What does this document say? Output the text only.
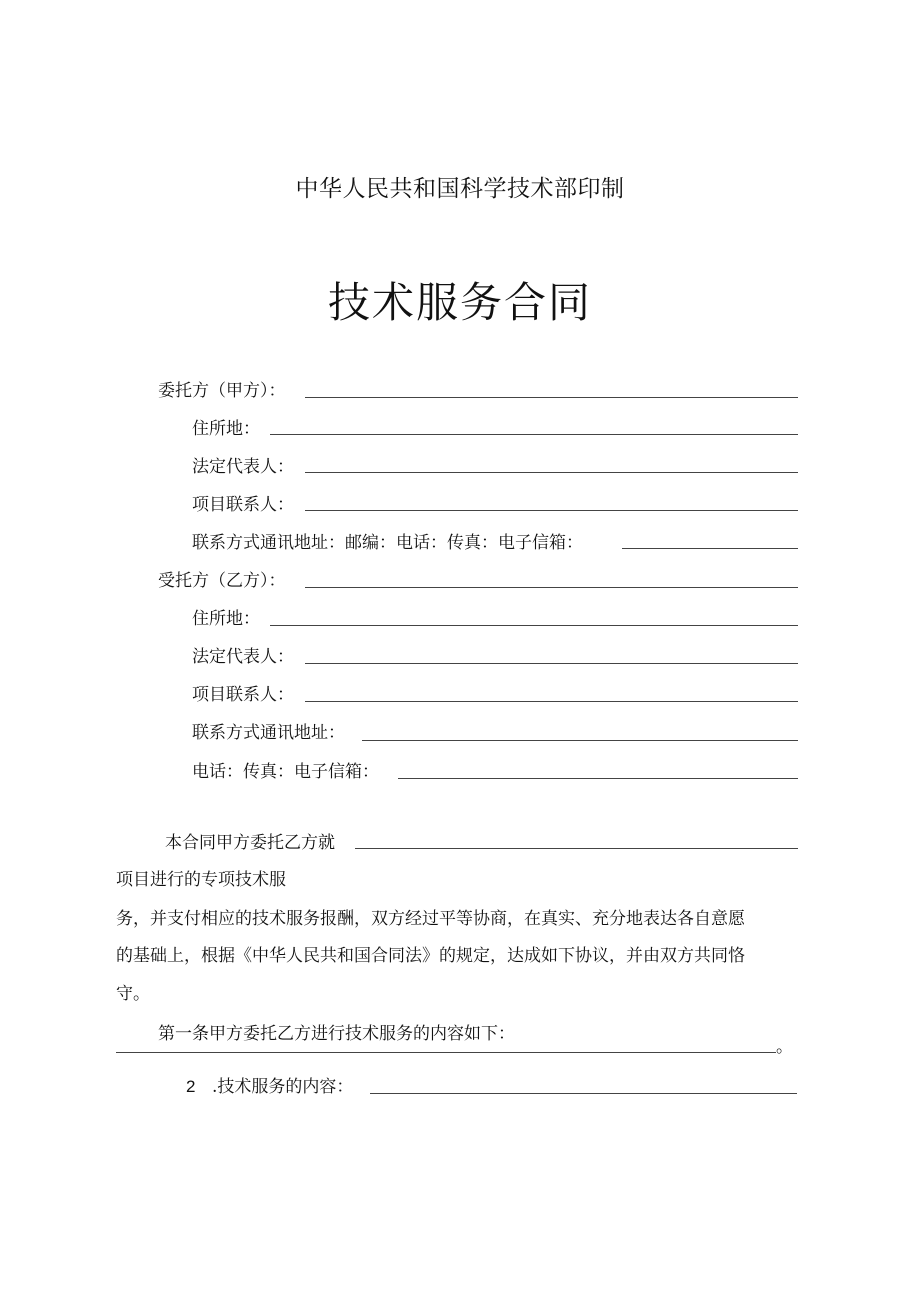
中华人民共和国科学技术部印制
技术服务合同
委托方（甲方）：
住所地：
法定代表人：
项目联系人：
联系方式通讯地址：邮编：电话：传真：电子信箱：
受托方（乙方）：
住所地：
法定代表人：
项目联系人：
联系方式通讯地址：
电话：传真：电子信箱：
本合同甲方委托乙方就
项目进行的专项技术服
务，并支付相应的技术服务报酬，双方经过平等协商，在真实、充分地表达各自意愿
的基础上，根据《中华人民共和国合同法》的规定，达成如下协议，并由双方共同恪
守。
第一条甲方委托乙方进行技术服务的内容如下：
。
2 .技术服务的内容：
